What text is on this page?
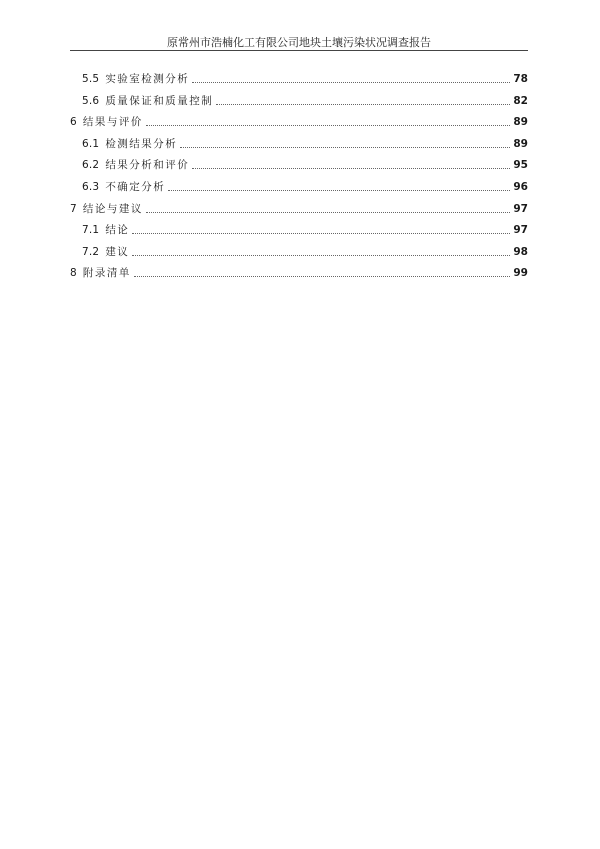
原常州市浩楠化工有限公司地块土壤污染状况调查报告
5.5 实验室检测分析	78
5.6 质量保证和质量控制	82
6 结果与评价	89
6.1 检测结果分析	89
6.2 结果分析和评价	95
6.3 不确定分析	96
7 结论与建议	97
7.1 结论	97
7.2 建议	98
8 附录清单	99
